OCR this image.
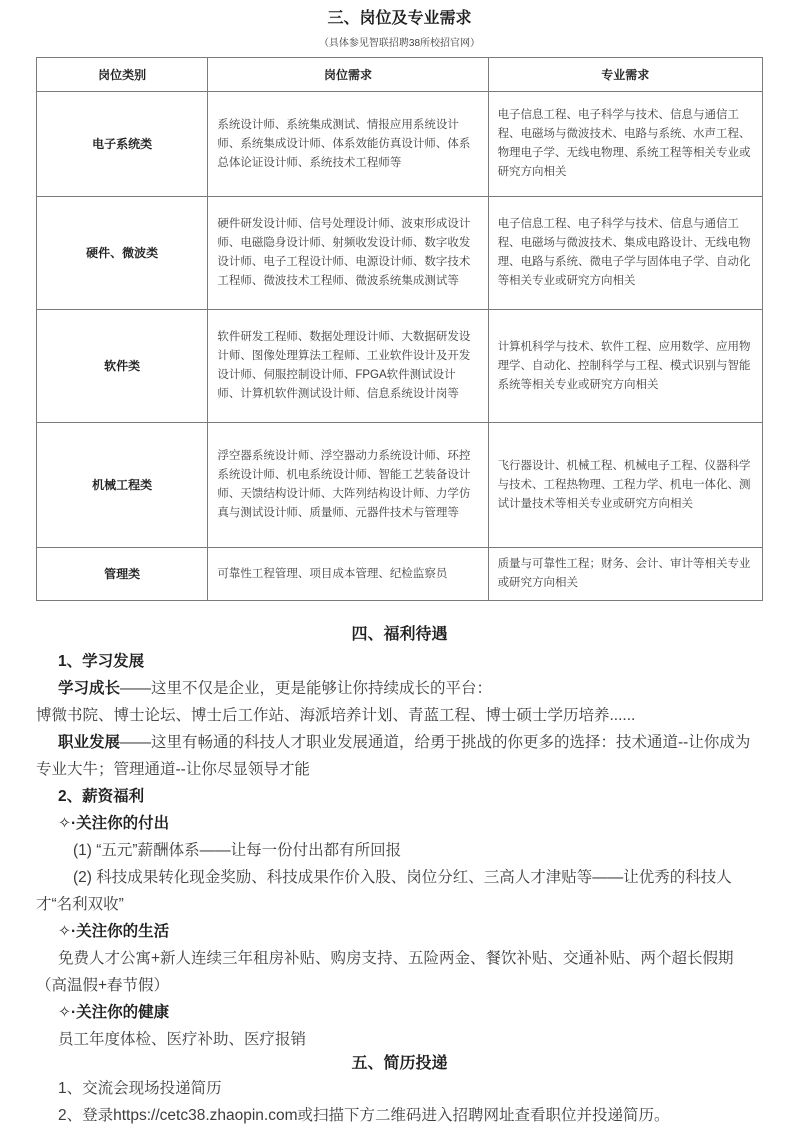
三、岗位及专业需求
（具体参见智联招聘38所校招官网）
岗位类别	岗位需求	专业需求
电子系统类	系统设计师、系统集成测试、情报应用系统设计师、系统集成设计师、体系效能仿真设计师、体系总体论证设计师、系统技术工程师等	电子信息工程、电子科学与技术、信息与通信工程、电磁场与微波技术、电路与系统、水声工程、物理电子学、无线电物理、系统工程等相关专业或研究方向相关
硬件、微波类	硬件研发设计师、信号处理设计师、波束形成设计师、电磁隐身设计师、射频收发设计师、数字收发设计师、电子工程设计师、电源设计师、数字技术工程师、微波技术工程师、微波系统集成测试等	电子信息工程、电子科学与技术、信息与通信工程、电磁场与微波技术、集成电路设计、无线电物理、电路与系统、微电子学与固体电子学、自动化等相关专业或研究方向相关
软件类	软件研发工程师、数据处理设计师、大数据研发设计师、图像处理算法工程师、工业软件设计及开发设计师、伺服控制设计师、FPGA软件测试设计师、计算机软件测试设计师、信息系统设计岗等	计算机科学与技术、软件工程、应用数学、应用物理学、自动化、控制科学与工程、模式识别与智能系统等相关专业或研究方向相关
机械工程类	浮空器系统设计师、浮空器动力系统设计师、环控系统设计师、机电系统设计师、智能工艺装备设计师、天馈结构设计师、大阵列结构设计师、力学仿真与测试设计师、质量师、元器件技术与管理等	飞行器设计、机械工程、机械电子工程、仪器科学与技术、工程热物理、工程力学、机电一体化、测试计量技术等相关专业或研究方向相关
管理类	可靠性工程管理、项目成本管理、纪检监察员	质量与可靠性工程；财务、会计、审计等相关专业或研究方向相关
四、福利待遇

1、学习发展

学习成长——这里不仅是企业，更是能够让你持续成长的平台：

博微书院、博士论坛、博士后工作站、海派培养计划、青蓝工程、博士硕士学历培养......

职业发展——这里有畅通的科技人才职业发展通道，给勇于挑战的你更多的选择：技术通道--让你成为专业大牛；管理通道--让你尽显领导才能

2、薪资福利

✧·关注你的付出

(1) “五元”薪酬体系——让每一份付出都有所回报

(2) 科技成果转化现金奖励、科技成果作价入股、岗位分红、三高人才津贴等——让优秀的科技人才“名利双收”

✧·关注你的生活

免费人才公寓+新人连续三年租房补贴、购房支持、五险两金、餐饮补贴、交通补贴、两个超长假期（高温假+春节假）

✧·关注你的健康

员工年度体检、医疗补助、医疗报销

五、简历投递

1、交流会现场投递简历

2、登录https://cetc38.zhaopin.com或扫描下方二维码进入招聘网址查看职位并投递简历。
